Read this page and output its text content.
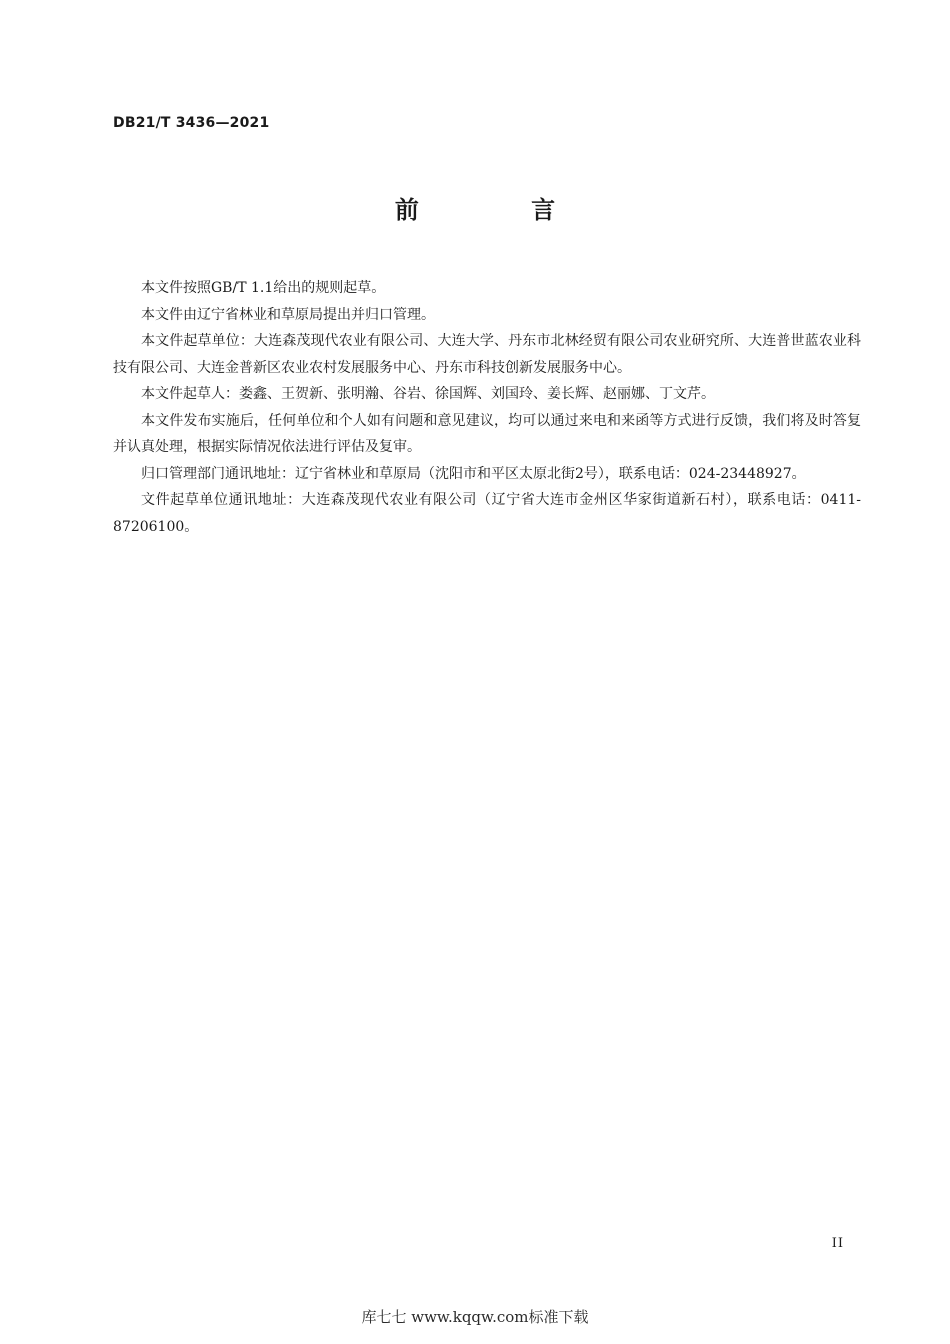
DB21/T 3436—2021
前 言

本文件按照GB/T 1.1给出的规则起草。

本文件由辽宁省林业和草原局提出并归口管理。

本文件起草单位：大连森茂现代农业有限公司、大连大学、丹东市北林经贸有限公司农业研究所、大连普世蓝农业科技有限公司、大连金普新区农业农村发展服务中心、丹东市科技创新发展服务中心。

本文件起草人：娄鑫、王贺新、张明瀚、谷岩、徐国辉、刘国玲、姜长辉、赵丽娜、丁文芹。

本文件发布实施后，任何单位和个人如有问题和意见建议，均可以通过来电和来函等方式进行反馈，我们将及时答复并认真处理，根据实际情况依法进行评估及复审。

归口管理部门通讯地址：辽宁省林业和草原局（沈阳市和平区太原北街2号），联系电话：024-23448927。

文件起草单位通讯地址：大连森茂现代农业有限公司（辽宁省大连市金州区华家街道新石村），联系电话：0411-87206100。

II
库七七 www.kqqw.com标准下载
